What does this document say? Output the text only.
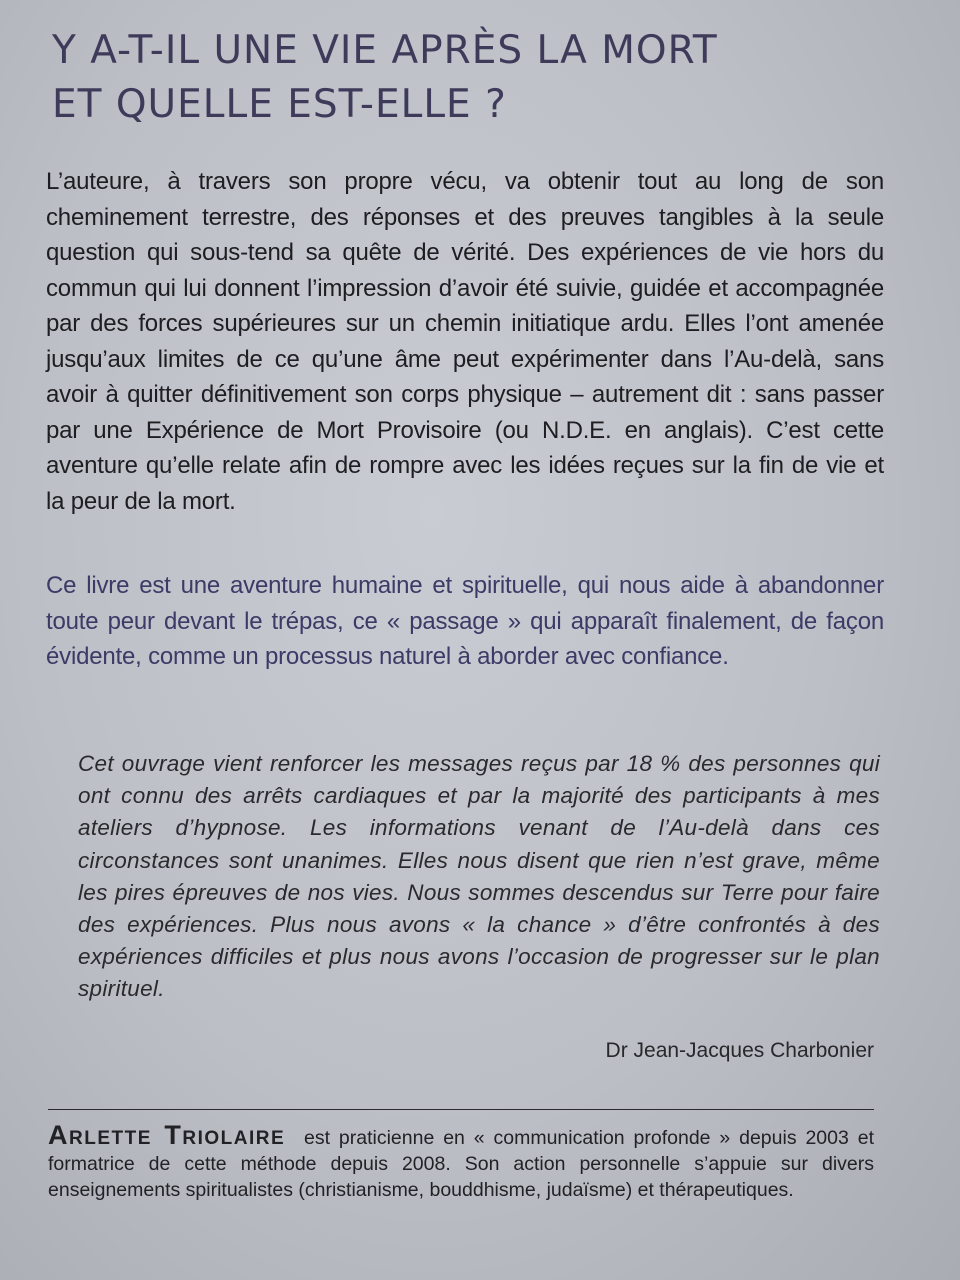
Y A-T-IL UNE VIE APRÈS LA MORT
ET QUELLE EST-ELLE ?

L’auteure, à travers son propre vécu, va obtenir tout au long de son cheminement terrestre, des réponses et des preuves tangibles à la seule question qui sous-tend sa quête de vérité. Des expériences de vie hors du commun qui lui donnent l’impression d’avoir été suivie, guidée et accompagnée par des forces supérieures sur un chemin initiatique ardu. Elles l’ont amenée jusqu’aux limites de ce qu’une âme peut expérimenter dans l’Au-delà, sans avoir à quitter définitivement son corps physique – autrement dit : sans passer par une Expérience de Mort Provisoire (ou N.D.E. en anglais). C’est cette aventure qu’elle relate afin de rompre avec les idées reçues sur la fin de vie et la peur de la mort.

Ce livre est une aventure humaine et spirituelle, qui nous aide à abandonner toute peur devant le trépas, ce « passage » qui apparaît finalement, de façon évidente, comme un processus naturel à aborder avec confiance.

Cet ouvrage vient renforcer les messages reçus par 18 % des personnes qui ont connu des arrêts cardiaques et par la majorité des participants à mes ateliers d’hypnose. Les informations venant de l’Au-delà dans ces circonstances sont unanimes. Elles nous disent que rien n’est grave, même les pires épreuves de nos vies. Nous sommes descendus sur Terre pour faire des expériences. Plus nous avons « la chance » d’être confrontés à des expériences difficiles et plus nous avons l’occasion de progresser sur le plan spirituel.

Dr Jean-Jacques Charbonier

Arlette Triolaire est praticienne en « communication profonde » depuis 2003 et formatrice de cette méthode depuis 2008. Son action personnelle s’appuie sur divers enseignements spiritualistes (christianisme, bouddhisme, judaïsme) et thérapeutiques.
